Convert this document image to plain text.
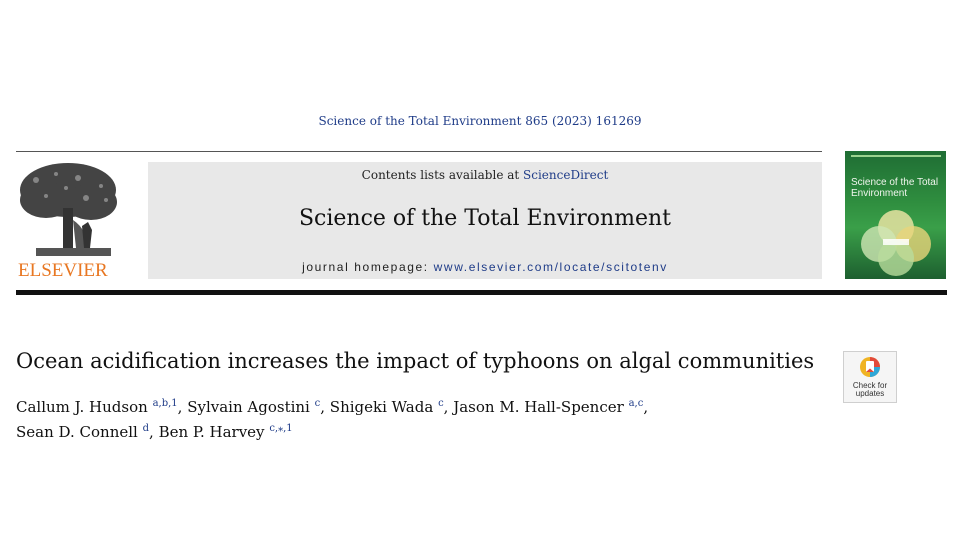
Science of the Total Environment 865 (2023) 161269
ELSEVIER
Contents lists available at ScienceDirect
Science of the Total Environment
journal homepage: www.elsevier.com/locate/scitotenv
Science of the Total Environment
Ocean acidification increases the impact of typhoons on algal communities
Callum J. Hudson $^{a,b,1}$, Sylvain Agostini $^c$, Shigeki Wada $^c$, Jason M. Hall-Spencer $^{a,c}$,
Sean D. Connell $^d$, Ben P. Harvey $^{c,⁎,1}$
Check for
updates
